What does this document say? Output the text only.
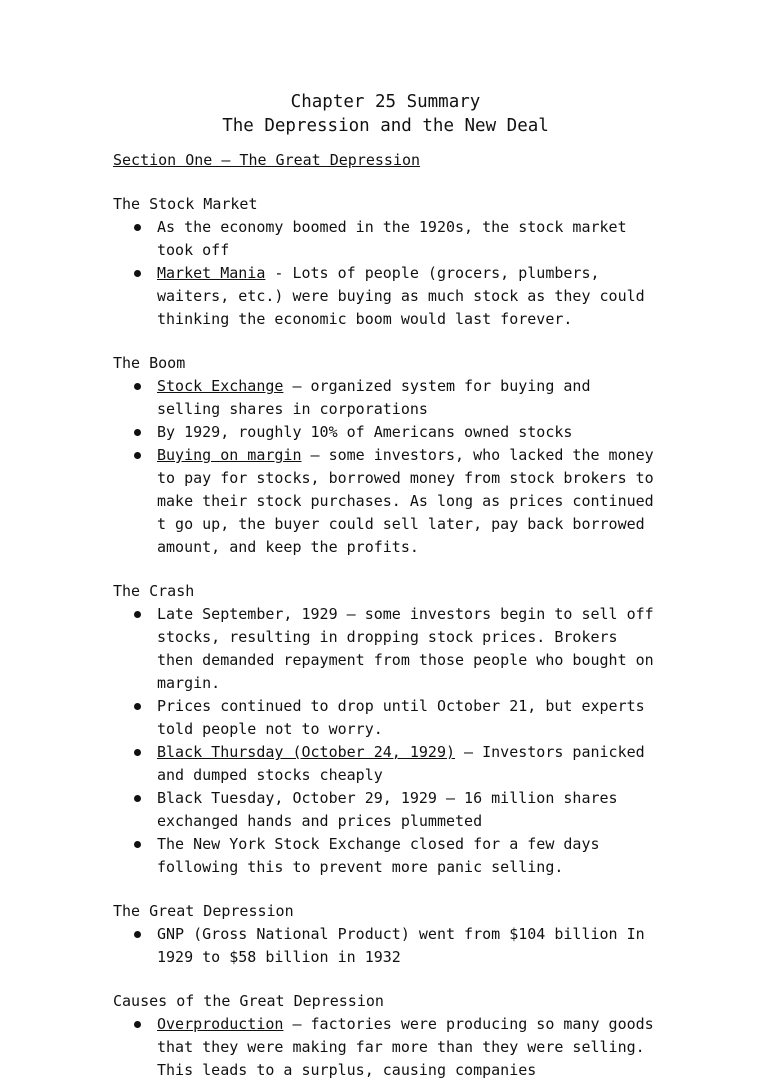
Chapter 25 Summary

The Depression and the New Deal

Section One – The Great Depression

The Stock Market

As the economy boomed in the 1920s, the stock market took off
Market Mania - Lots of people (grocers, plumbers, waiters, etc.) were buying as much stock as they could thinking the economic boom would last forever.

The Boom

Stock Exchange – organized system for buying and selling shares in corporations
By 1929, roughly 10% of Americans owned stocks
Buying on margin – some investors, who lacked the money to pay for stocks, borrowed money from stock brokers to make their stock purchases. As long as prices continued t go up, the buyer could sell later, pay back borrowed amount, and keep the profits.

The Crash

Late September, 1929 – some investors begin to sell off stocks, resulting in dropping stock prices. Brokers then demanded repayment from those people who bought on margin.
Prices continued to drop until October 21, but experts told people not to worry.
Black Thursday (October 24, 1929) – Investors panicked and dumped stocks cheaply
Black Tuesday, October 29, 1929 – 16 million shares exchanged hands and prices plummeted
The New York Stock Exchange closed for a few days following this to prevent more panic selling.

The Great Depression

GNP (Gross National Product) went from $104 billion In 1929 to $58 billion in 1932

Causes of the Great Depression

Overproduction – factories were producing so many goods that they were making far more than they were selling. This leads to a surplus, causing companies
